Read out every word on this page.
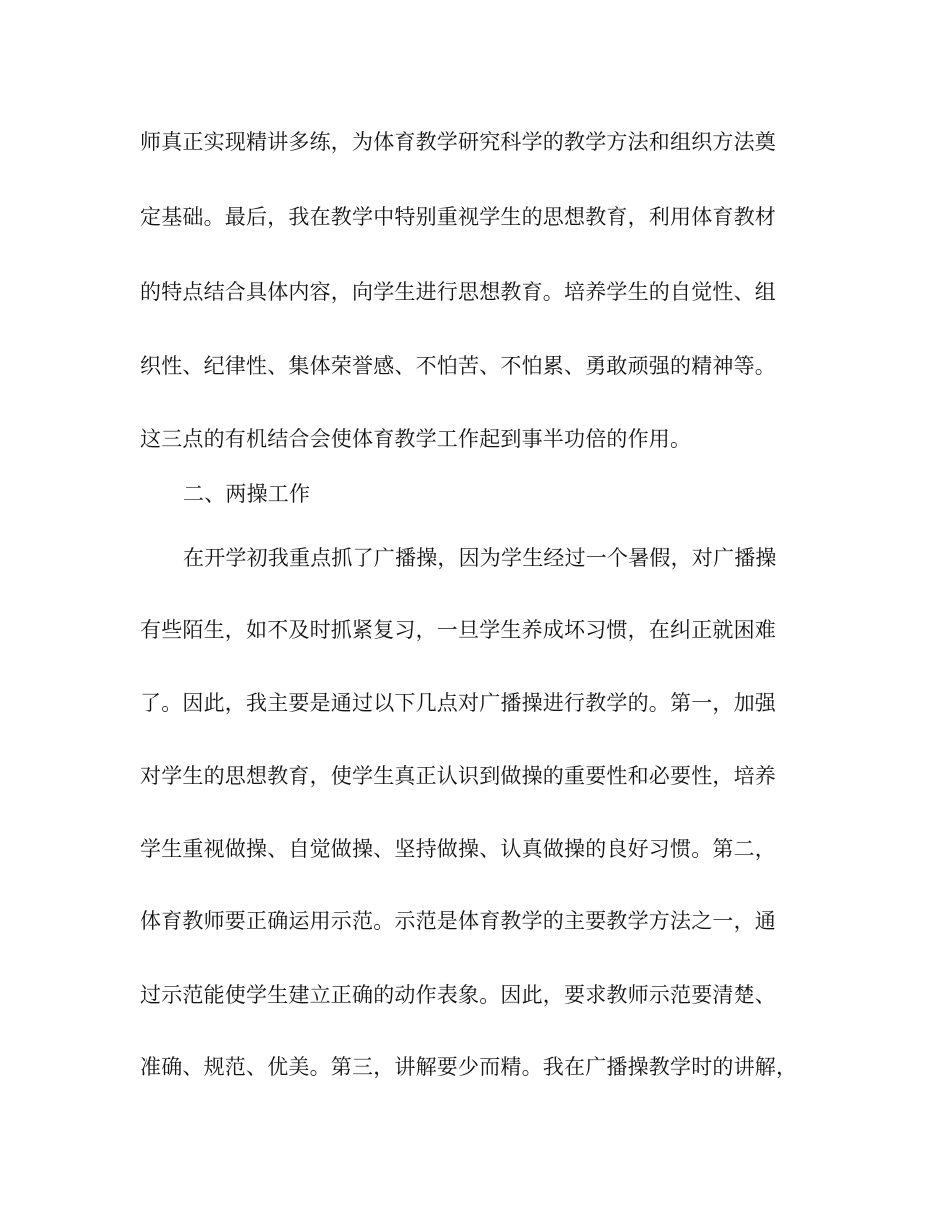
师真正实现精讲多练，为体育教学研究科学的教学方法和组织方法奠
定基础。最后，我在教学中特别重视学生的思想教育，利用体育教材
的特点结合具体内容，向学生进行思想教育。培养学生的自觉性、组
织性、纪律性、集体荣誉感、不怕苦、不怕累、勇敢顽强的精神等。
这三点的有机结合会使体育教学工作起到事半功倍的作用。
二、两操工作
在开学初我重点抓了广播操，因为学生经过一个暑假，对广播操
有些陌生，如不及时抓紧复习，一旦学生养成坏习惯，在纠正就困难
了。因此，我主要是通过以下几点对广播操进行教学的。第一，加强
对学生的思想教育，使学生真正认识到做操的重要性和必要性，培养
学生重视做操、自觉做操、坚持做操、认真做操的良好习惯。第二，
体育教师要正确运用示范。示范是体育教学的主要教学方法之一，通
过示范能使学生建立正确的动作表象。因此，要求教师示范要清楚、
准确、规范、优美。第三，讲解要少而精。我在广播操教学时的讲解，
